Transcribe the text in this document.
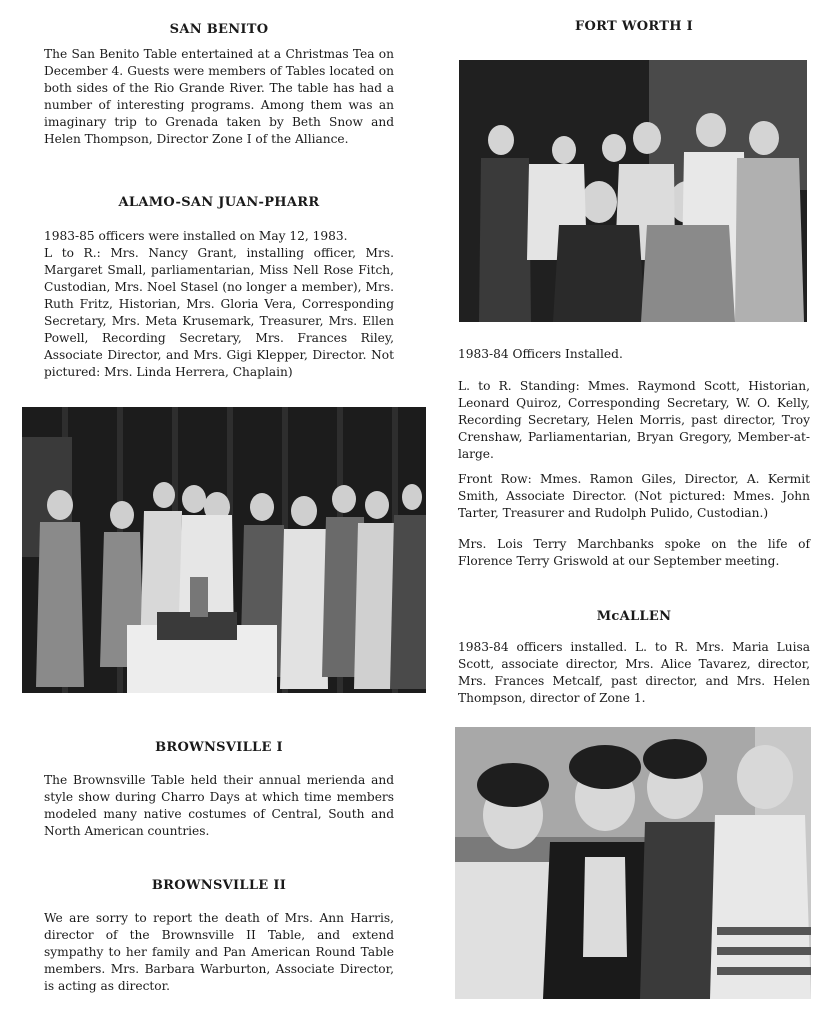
SAN BENITO

The San Benito Table entertained at a Christmas Tea on December 4. Guests were members of Tables located on both sides of the Rio Grande River. The table has had a number of interesting programs. Among them was an imaginary trip to Grenada taken by Beth Snow and Helen Thompson, Director Zone I of the Alliance.

ALAMO-SAN JUAN-PHARR

1983-85 officers were installed on May 12, 1983.

L to R.: Mrs. Nancy Grant, installing officer, Mrs. Margaret Small, parliamentarian, Miss Nell Rose Fitch, Custodian, Mrs. Noel Stasel (no longer a member), Mrs. Ruth Fritz, Historian, Mrs. Gloria Vera, Corresponding Secretary, Mrs. Meta Krusemark, Treasurer, Mrs. Ellen Powell, Recording Secretary, Mrs. Frances Riley, Associate Director, and Mrs. Gigi Klepper, Director. Not pictured: Mrs. Linda Herrera, Chaplain)

BROWNSVILLE I

The Brownsville Table held their annual merienda and style show during Charro Days at which time members modeled many native costumes of Central, South and North American countries.

BROWNSVILLE II

We are sorry to report the death of Mrs. Ann Harris, director of the Brownsville II Table, and extend sympathy to her family and Pan American Round Table members. Mrs. Barbara Warburton, Associate Director, is acting as director.

FORT WORTH I

1983-84 Officers Installed.

L. to R. Standing: Mmes. Raymond Scott, Historian, Leonard Quiroz, Corresponding Secretary, W. O. Kelly, Recording Secretary, Helen Morris, past director, Troy Crenshaw, Parliamentarian, Bryan Gregory, Member-at-large.

Front Row: Mmes. Ramon Giles, Director, A. Kermit Smith, Associate Director. (Not pictured: Mmes. John Tarter, Treasurer and Rudolph Pulido, Custodian.)

Mrs. Lois Terry Marchbanks spoke on the life of Florence Terry Griswold at our September meeting.

McALLEN

1983-84 officers installed. L. to R. Mrs. Maria Luisa Scott, associate director, Mrs. Alice Tavarez, director, Mrs. Frances Metcalf, past director, and Mrs. Helen Thompson, director of Zone 1.
